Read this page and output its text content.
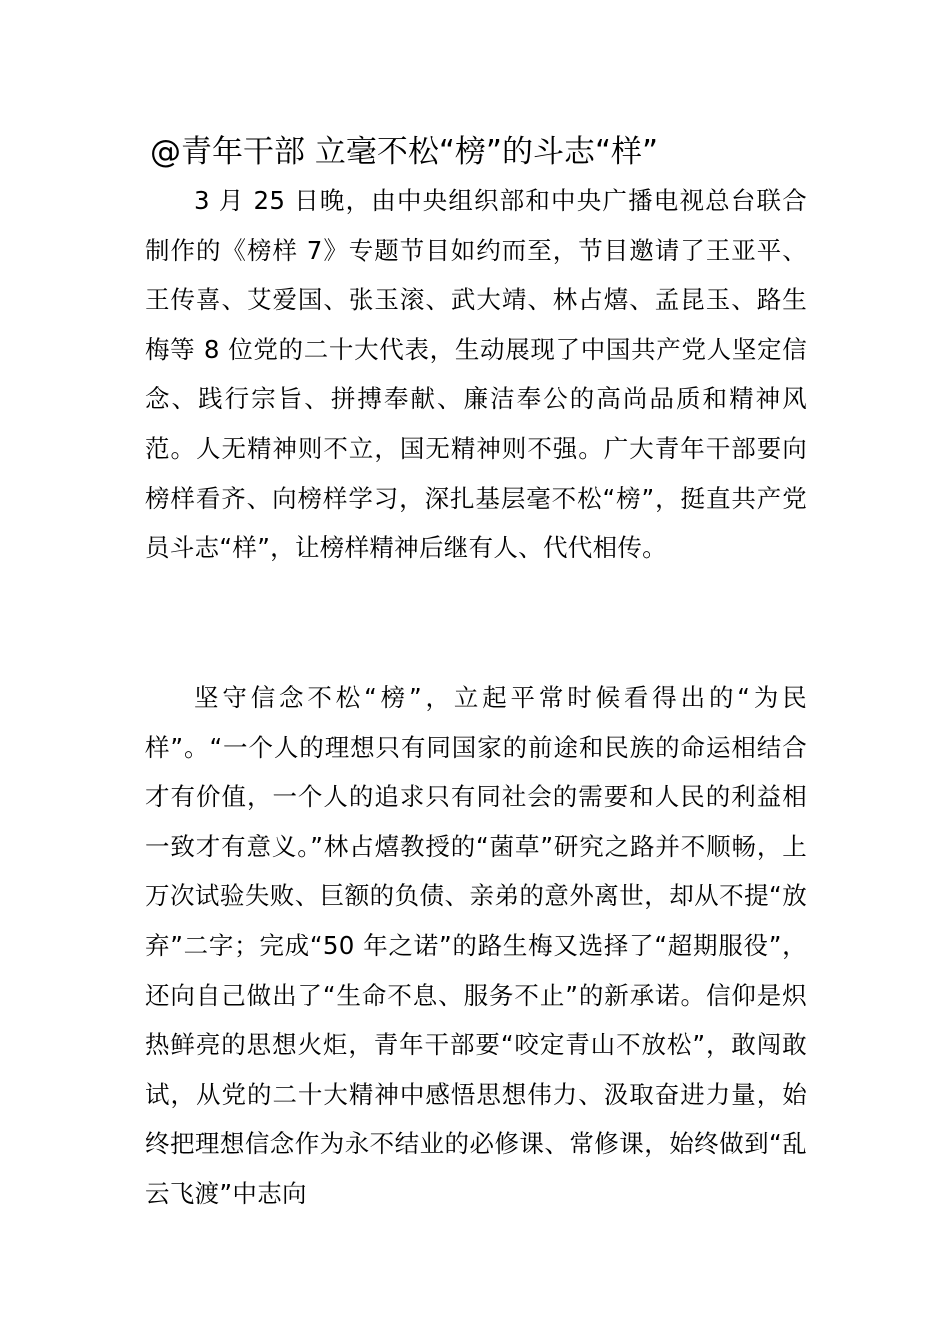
@青年干部 立毫不松“榜”的斗志“样”

3 月 25 日晚，由中央组织部和中央广播电视总台联合制作的《榜样 7》专题节目如约而至，节目邀请了王亚平、王传喜、艾爱国、张玉滚、武大靖、林占熺、孟昆玉、路生梅等 8 位党的二十大代表，生动展现了中国共产党人坚定信念、践行宗旨、拼搏奉献、廉洁奉公的高尚品质和精神风范。人无精神则不立，国无精神则不强。广大青年干部要向榜样看齐、向榜样学习，深扎基层毫不松“榜”，挺直共产党员斗志“样”，让榜样精神后继有人、代代相传。

坚守信念不松“榜”，立起平常时候看得出的“为民样”。“一个人的理想只有同国家的前途和民族的命运相结合才有价值，一个人的追求只有同社会的需要和人民的利益相一致才有意义。”林占熺教授的“菌草”研究之路并不顺畅，上万次试验失败、巨额的负债、亲弟的意外离世，却从不提“放弃”二字；完成“50 年之诺”的路生梅又选择了“超期服役”，还向自己做出了“生命不息、服务不止”的新承诺。信仰是炽热鲜亮的思想火炬，青年干部要“咬定青山不放松”，敢闯敢试，从党的二十大精神中感悟思想伟力、汲取奋进力量，始终把理想信念作为永不结业的必修课、常修课，始终做到“乱云飞渡”中志向
